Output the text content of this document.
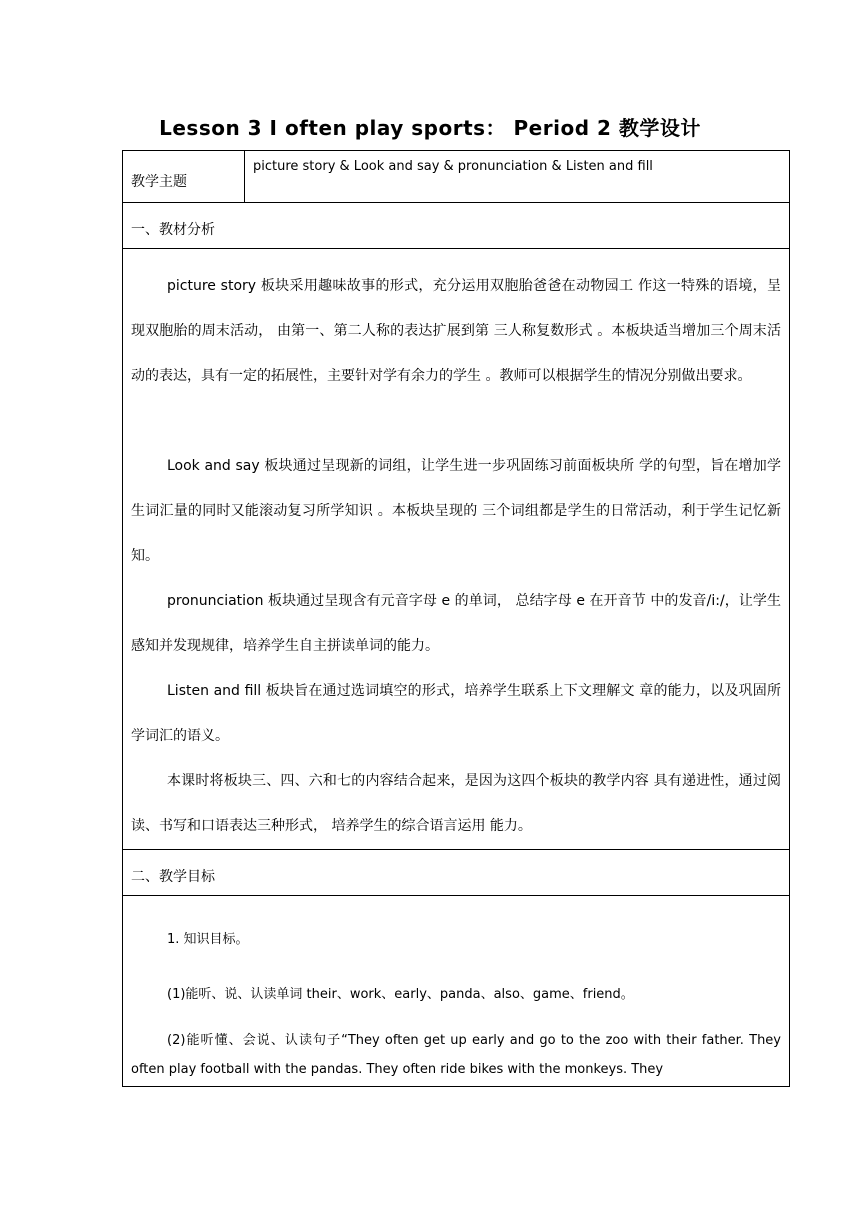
Lesson 3 I often play sports： Period 2 教学设计
教学主题
picture story & Look and say & pronunciation & Listen and fill
一、教材分析

picture story 板块采用趣味故事的形式，充分运用双胞胎爸爸在动物园工 作这一特殊的语境，呈现双胞胎的周末活动， 由第一、第二人称的表达扩展到第 三人称复数形式 。本板块适当增加三个周末活动的表达，具有一定的拓展性，主要针对学有余力的学生 。教师可以根据学生的情况分别做出要求。

Look and say 板块通过呈现新的词组，让学生进一步巩固练习前面板块所 学的句型，旨在增加学生词汇量的同时又能滚动复习所学知识 。本板块呈现的 三个词组都是学生的日常活动，利于学生记忆新知。

pronunciation 板块通过呈现含有元音字母 e 的单词， 总结字母 e 在开音节 中的发音/i:/，让学生感知并发现规律，培养学生自主拼读单词的能力。

Listen and fill 板块旨在通过选词填空的形式，培养学生联系上下文理解文 章的能力，以及巩固所学词汇的语义。

本课时将板块三、四、六和七的内容结合起来，是因为这四个板块的教学内容 具有递进性，通过阅读、书写和口语表达三种形式， 培养学生的综合语言运用 能力。

二、教学目标
1. 知识目标。
(1)能听、说、认读单词 their、work、early、panda、also、game、friend。

(2)能听懂、会说、认读句子“They often get up early and go to the zoo with their father. They often play football with the pandas. They often ride bikes with the monkeys. They
